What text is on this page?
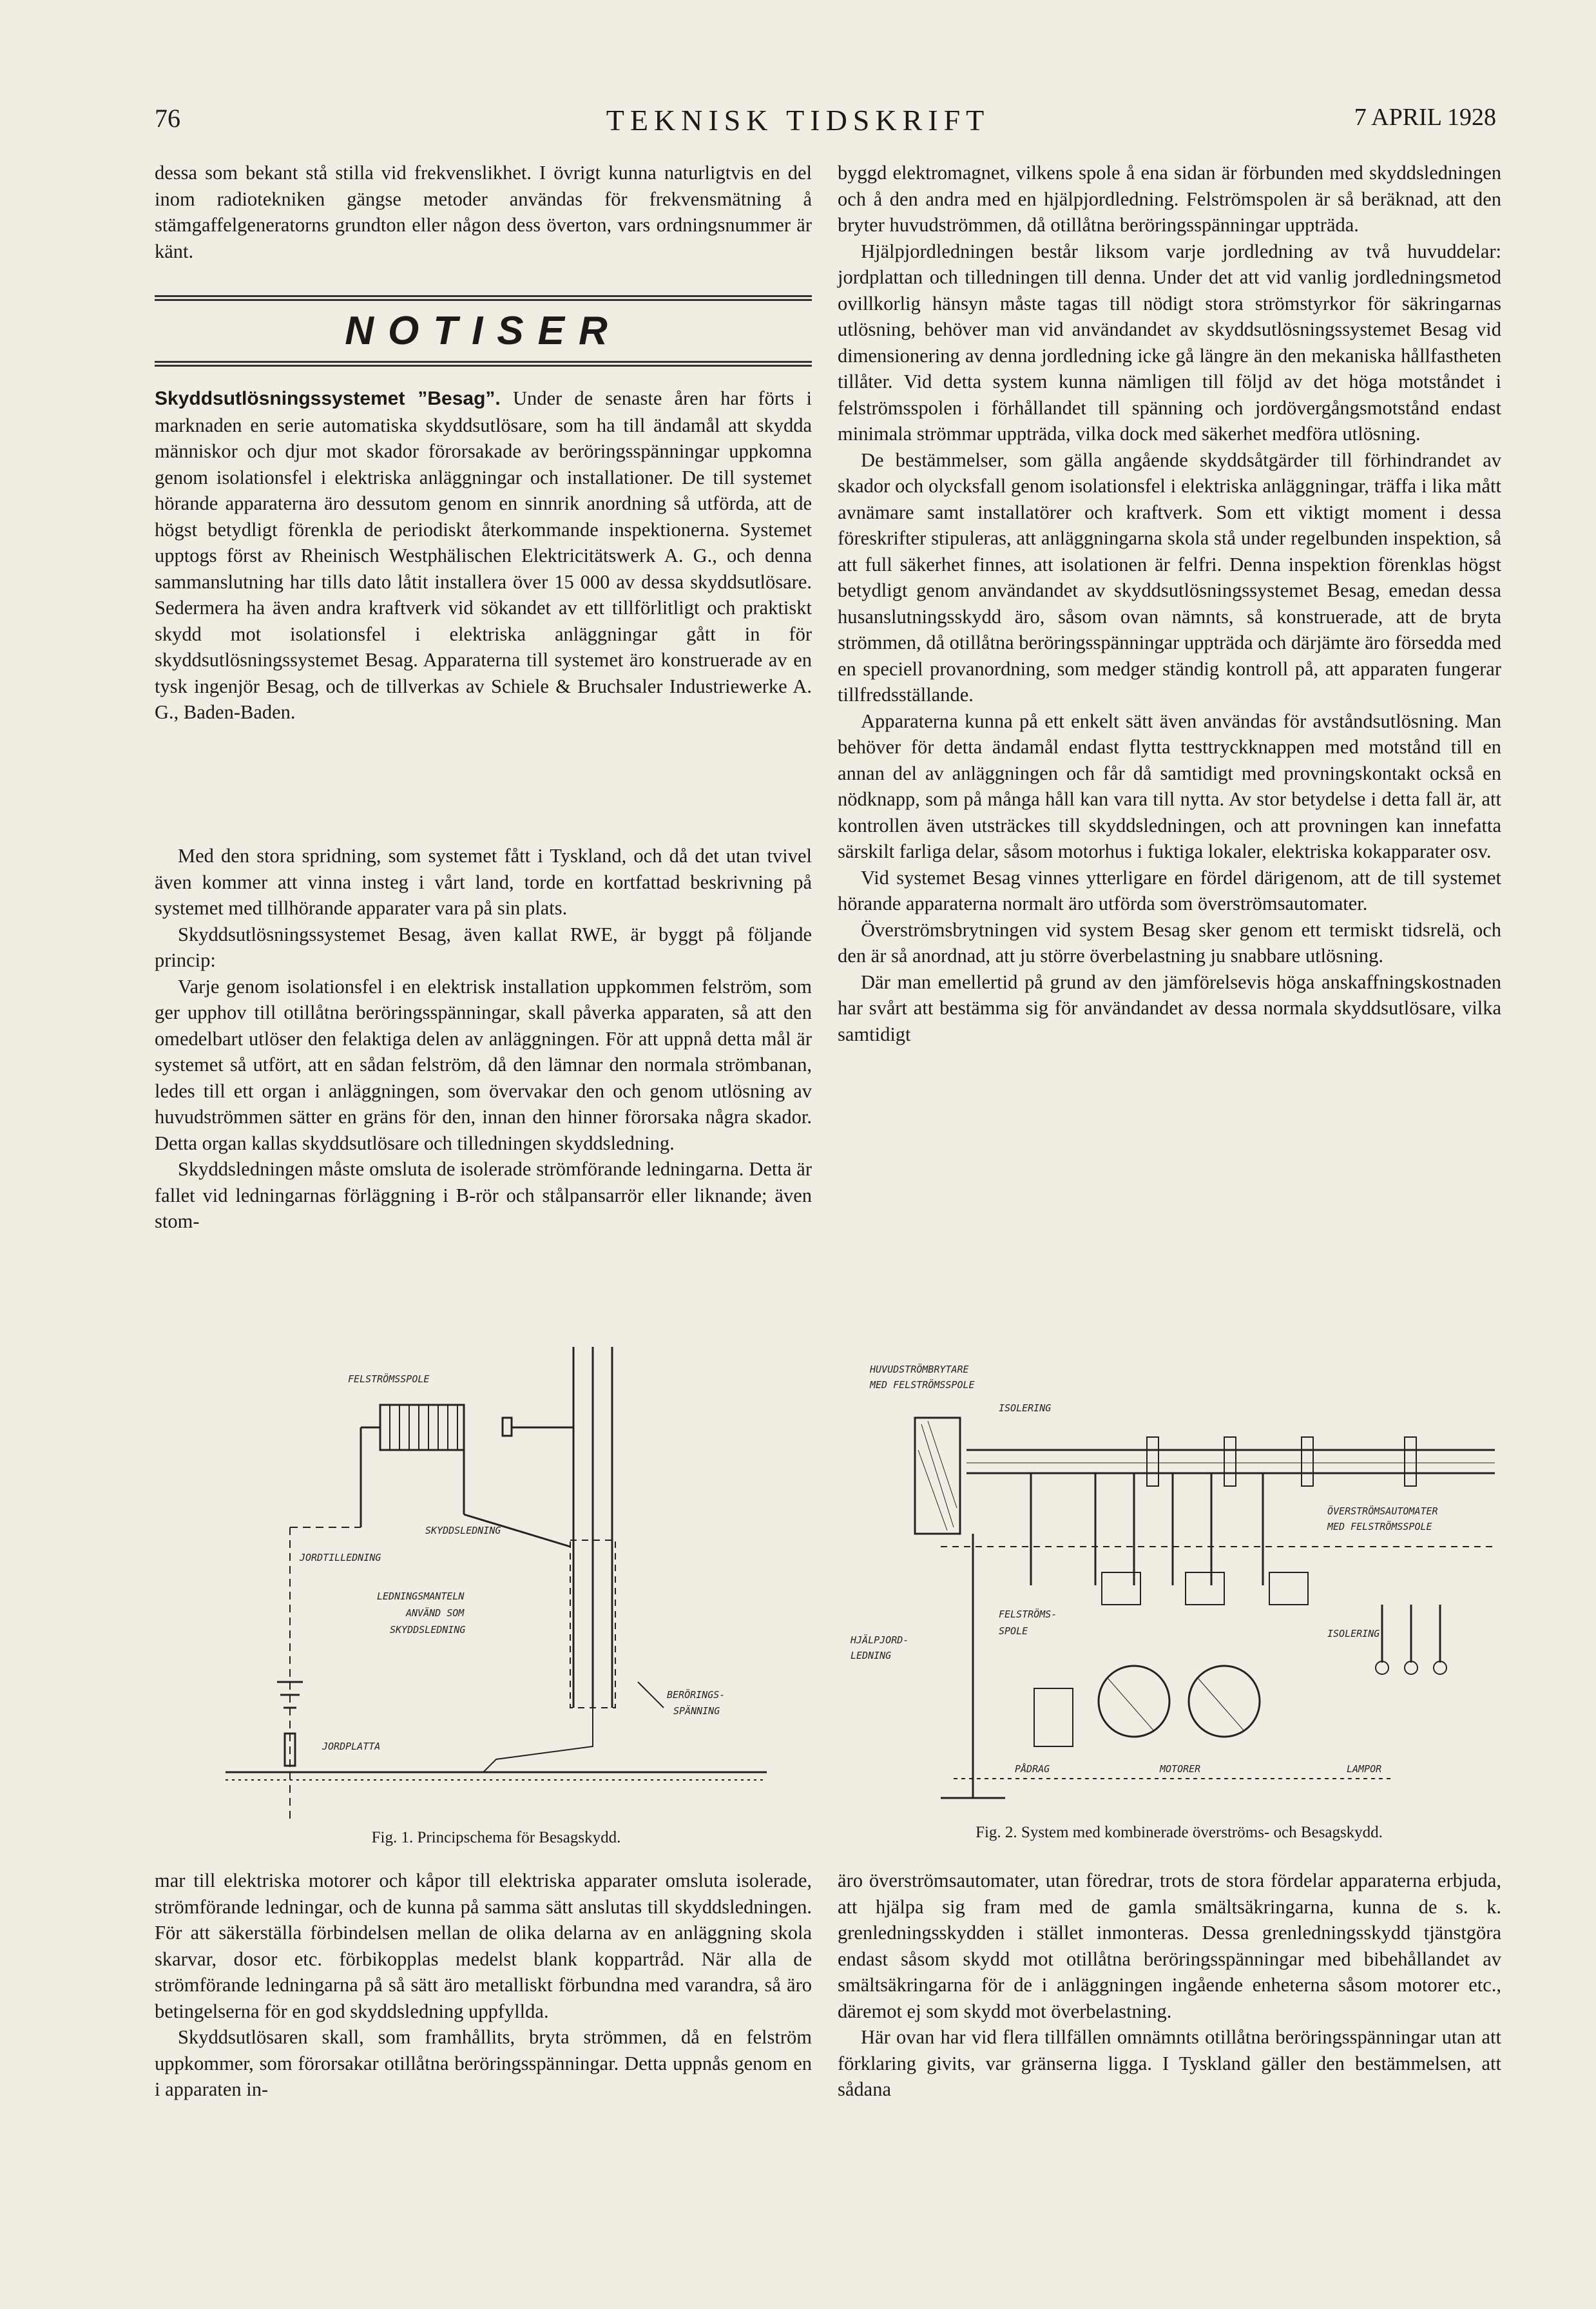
76	TEKNISK TIDSKRIFT	7 APRIL 1928

dessa som bekant stå stilla vid frekvenslikhet. I övrigt kunna naturligtvis en del inom radiotekniken gängse metoder användas för frekvensmätning å stämgaffelgeneratorns grundton eller någon dess överton, vars ordningsnummer är känt.

NOTISER
Skyddsutlösningssystemet ”Besag”. Under de senaste åren har förts i marknaden en serie automatiska skyddsutlösare, som ha till ändamål att skydda människor och djur mot skador förorsakade av beröringsspänningar uppkomna genom isolationsfel i elektriska anläggningar och installationer. De till systemet hörande apparaterna äro dessutom genom en sinnrik anordning så utförda, att de högst betydligt förenkla de periodiskt återkommande inspektionerna. Systemet upptogs först av Rheinisch Westphälischen Elektricitätswerk A. G., och denna sammanslutning har tills dato låtit installera över 15 000 av dessa skyddsutlösare. Sedermera ha även andra kraftverk vid sökandet av ett tillförlitligt och praktiskt skydd mot isolationsfel i elektriska anläggningar gått in för skyddsutlösningssystemet Besag. Apparaterna till systemet äro konstruerade av en tysk ingenjör Besag, och de tillverkas av Schiele & Bruchsaler Industriewerke A. G., Baden-Baden.

Med den stora spridning, som systemet fått i Tyskland, och då det utan tvivel även kommer att vinna insteg i vårt land, torde en kortfattad beskrivning på systemet med tillhörande apparater vara på sin plats.

Skyddsutlösningssystemet Besag, även kallat RWE, är byggt på följande princip:

Varje genom isolationsfel i en elektrisk installation uppkommen felström, som ger upphov till otillåtna beröringsspänningar, skall påverka apparaten, så att den omedelbart utlöser den felaktiga delen av anläggningen. För att uppnå detta mål är systemet så utfört, att en sådan felström, då den lämnar den normala strömbanan, ledes till ett organ i anläggningen, som övervakar den och genom utlösning av huvudströmmen sätter en gräns för den, innan den hinner förorsaka några skador. Detta organ kallas skyddsutlösare och tilledningen skyddsledning.

Skyddsledningen måste omsluta de isolerade strömförande ledningarna. Detta är fallet vid ledningarnas förläggning i B-rör och stålpansarrör eller liknande; även stom-

byggd elektromagnet, vilkens spole å ena sidan är förbunden med skyddsledningen och å den andra med en hjälpjordledning. Felströmspolen är så beräknad, att den bryter huvudströmmen, då otillåtna beröringsspänningar uppträda.

Hjälpjordledningen består liksom varje jordledning av två huvuddelar: jordplattan och tilledningen till denna. Under det att vid vanlig jordledningsmetod ovillkorlig hänsyn måste tagas till nödigt stora strömstyrkor för säkringarnas utlösning, behöver man vid användandet av skyddsutlösningssystemet Besag vid dimensionering av denna jordledning icke gå längre än den mekaniska hållfastheten tillåter. Vid detta system kunna nämligen till följd av det höga motståndet i felströmsspolen i förhållandet till spänning och jordövergångsmotstånd endast minimala strömmar uppträda, vilka dock med säkerhet medföra utlösning.

De bestämmelser, som gälla angående skyddsåtgärder till förhindrandet av skador och olycksfall genom isolationsfel i elektriska anläggningar, träffa i lika mått avnämare samt installatörer och kraftverk. Som ett viktigt moment i dessa föreskrifter stipuleras, att anläggningarna skola stå under regelbunden inspektion, så att full säkerhet finnes, att isolationen är felfri. Denna inspektion förenklas högst betydligt genom användandet av skyddsutlösningssystemet Besag, emedan dessa husanslutningsskydd äro, såsom ovan nämnts, så konstruerade, att de bryta strömmen, då otillåtna beröringsspänningar uppträda och därjämte äro försedda med en speciell provanordning, som medger ständig kontroll på, att apparaten fungerar tillfredsställande.

Apparaterna kunna på ett enkelt sätt även användas för avståndsutlösning. Man behöver för detta ändamål endast flytta testtryckknappen med motstånd till en annan del av anläggningen och får då samtidigt med provningskontakt också en nödknapp, som på många håll kan vara till nytta. Av stor betydelse i detta fall är, att kontrollen även utsträckes till skyddsledningen, och att provningen kan innefatta särskilt farliga delar, såsom motorhus i fuktiga lokaler, elektriska kokapparater osv.

Vid systemet Besag vinnes ytterligare en fördel därigenom, att de till systemet hörande apparaterna normalt äro utförda som överströmsautomater.

Överströmsbrytningen vid system Besag sker genom ett termiskt tidsrelä, och den är så anordnad, att ju större överbelastning ju snabbare utlösning.

Där man emellertid på grund av den jämförelsevis höga anskaffningskostnaden har svårt att bestämma sig för användandet av dessa normala skyddsutlösare, vilka samtidigt

FELSTRÖMSSPOLE
SKYDDSLEDNING
JORDTILLEDNING
LEDNINGSMANTELN
ANVÄND SOM
SKYDDSLEDNING
BERÖRINGS-
SPÄNNING
JORDPLATTA
Fig. 1. Principschema för Besagskydd.
HUVUDSTRÖMBRYTARE
MED FELSTRÖMSSPOLE
ISOLERING
ÖVERSTRÖMSAUTOMATER
MED FELSTRÖMSSPOLE
FELSTRÖMS-
SPOLE
HJÄLPJORD-
LEDNING
ISOLERING
PÅDRAG	MOTORER	LAMPOR
Fig. 2. System med kombinerade överströms- och Besagskydd.

mar till elektriska motorer och kåpor till elektriska apparater omsluta isolerade, strömförande ledningar, och de kunna på samma sätt anslutas till skyddsledningen. För att säkerställa förbindelsen mellan de olika delarna av en anläggning skola skarvar, dosor etc. förbikopplas medelst blank koppartråd. När alla de strömförande ledningarna på så sätt äro metalliskt förbundna med varandra, så äro betingelserna för en god skyddsledning uppfyllda.

Skyddsutlösaren skall, som framhållits, bryta strömmen, då en felström uppkommer, som förorsakar otillåtna beröringsspänningar. Detta uppnås genom en i apparaten in-

äro överströmsautomater, utan föredrar, trots de stora fördelar apparaterna erbjuda, att hjälpa sig fram med de gamla smältsäkringarna, kunna de s. k. grenledningsskydden i stället inmonteras. Dessa grenledningsskydd tjänstgöra endast såsom skydd mot otillåtna beröringsspänningar med bibehållandet av smältsäkringarna för de i anläggningen ingående enheterna såsom motorer etc., däremot ej som skydd mot överbelastning.

Här ovan har vid flera tillfällen omnämnts otillåtna beröringsspänningar utan att förklaring givits, var gränserna ligga. I Tyskland gäller den bestämmelsen, att sådana
